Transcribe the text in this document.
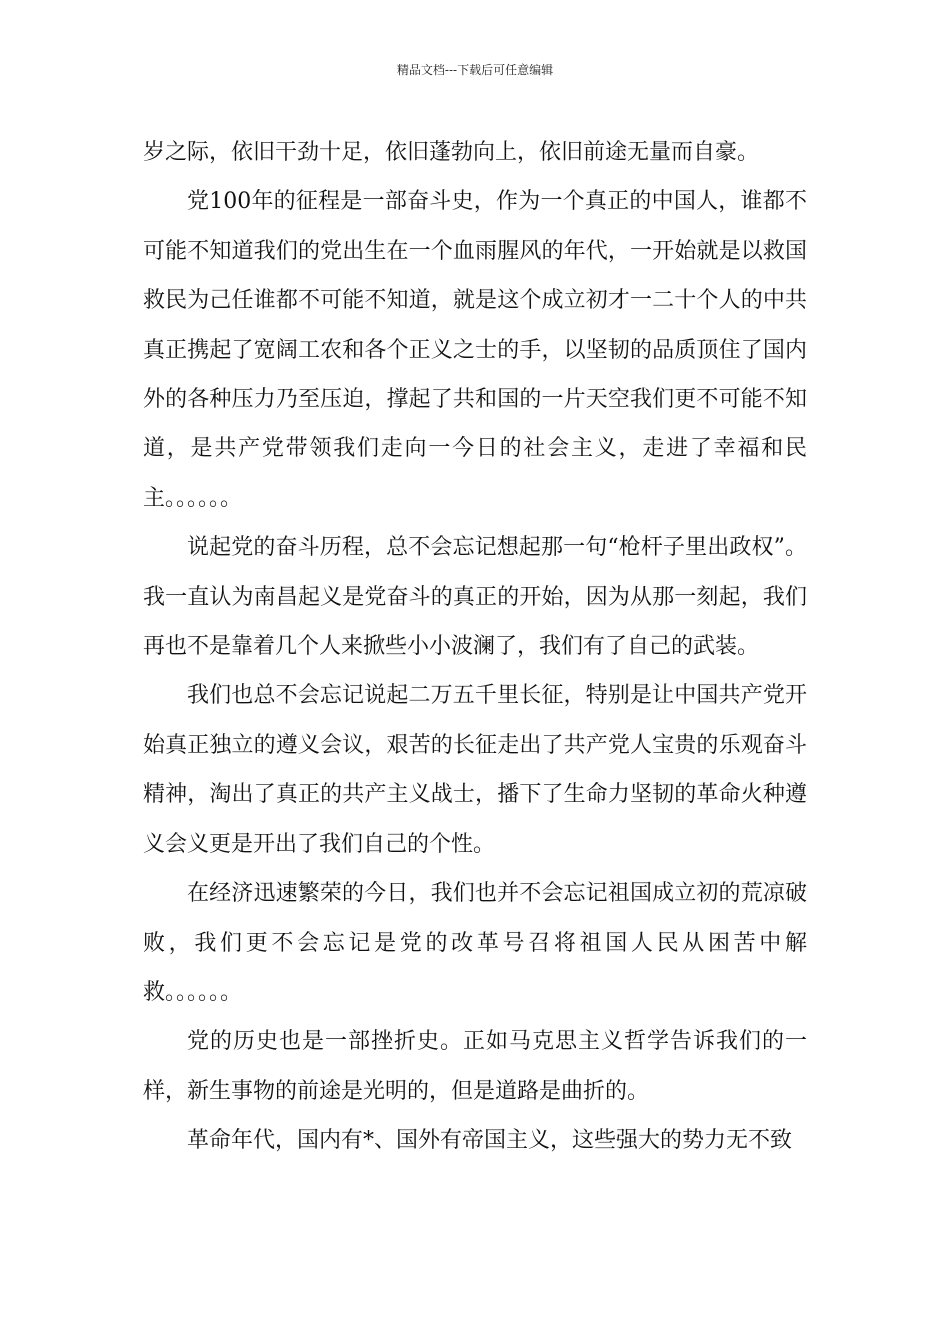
精品文档---下载后可任意编辑

岁之际，依旧干劲十足，依旧蓬勃向上，依旧前途无量而自豪。

党100年的征程是一部奋斗史，作为一个真正的中国人，谁都不可能不知道我们的党出生在一个血雨腥风的年代，一开始就是以救国救民为己任谁都不可能不知道，就是这个成立初才一二十个人的中共真正携起了宽阔工农和各个正义之士的手，以坚韧的品质顶住了国内外的各种压力乃至压迫，撑起了共和国的一片天空我们更不可能不知道，是共产党带领我们走向一今日的社会主义，走进了幸福和民主。。。。。。

说起党的奋斗历程，总不会忘记想起那一句“枪杆子里出政权”。我一直认为南昌起义是党奋斗的真正的开始，因为从那一刻起，我们再也不是靠着几个人来掀些小小波澜了，我们有了自己的武装。

我们也总不会忘记说起二万五千里长征，特别是让中国共产党开始真正独立的遵义会议，艰苦的长征走出了共产党人宝贵的乐观奋斗精神，淘出了真正的共产主义战士，播下了生命力坚韧的革命火种遵义会义更是开出了我们自己的个性。

在经济迅速繁荣的今日，我们也并不会忘记祖国成立初的荒凉破败，我们更不会忘记是党的改革号召将祖国人民从困苦中解救。。。。。。

党的历史也是一部挫折史。正如马克思主义哲学告诉我们的一样，新生事物的前途是光明的，但是道路是曲折的。

革命年代，国内有*、国外有帝国主义，这些强大的势力无不致
